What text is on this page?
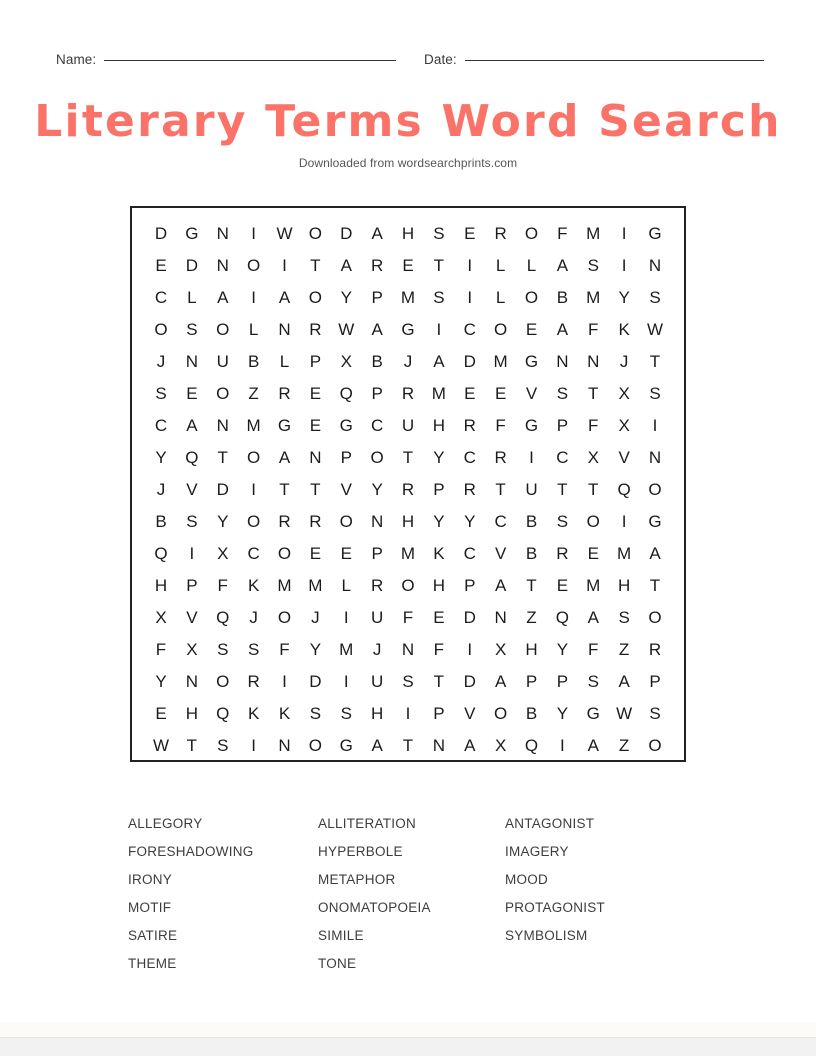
Name:	Date:
Literary Terms Word Search
Downloaded from wordsearchprints.com
D	G	N	I	W O	D	A	H	S	E	R	O	F	M	I	G
E	D	N	O	I	T	A	R	E	T	I	L	L	A	S	I	N
C	L	A	I	A	O	Y	P	M	S	I	L	O	B	M	Y	S
O	S	O	L	N	R W	A	G	I	C	O	E	A	F	K	W
J	N	U	B	L	P	X	B	J	A	D	M	G	N	N	J	T
S	E	O	Z	R	E	Q	P	R	M	E	E	V	S	T	X	S
C	A	N	M	G	E	G	C	U	H	R	F	G	P	F	X	I
Y	Q	T	O	A	N	P	O	T	Y	C	R	I	C	X	V	N
J	V	D	I	T	T	V	Y	R	P	R	T	U	T	T	Q	O
B	S	Y	O	R	R	O	N	H	Y	Y	C	B	S	O	I	G
Q	I	X	C	O	E	E	P	M	K	C	V	B	R	E	M	A
H	P	F	K	M M	L	R	O	H	P	A	T	E	M	H	T
X	V	Q	J	O	J	I	U	F	E	D	N	Z	Q	A	S	O
F	X	S	S	F	Y	M	J	N	F	I	X	H	Y	F	Z	R
Y	N	O	R	I	D	I	U	S	T	D	A	P	P	S	A	P
E	H	Q	K	K	S	S	H	I	P	V	O	B	Y	G W	S
W	T	S	I	N	O	G	A	T	N	A	X	Q	I	A	Z	O
ALLEGORY
FORESHADOWING
IRONY
MOTIF
SATIRE
THEME
ALLITERATION
HYPERBOLE
METAPHOR
ONOMATOPOEIA
SIMILE
TONE
ANTAGONIST
IMAGERY
MOOD
PROTAGONIST
SYMBOLISM
